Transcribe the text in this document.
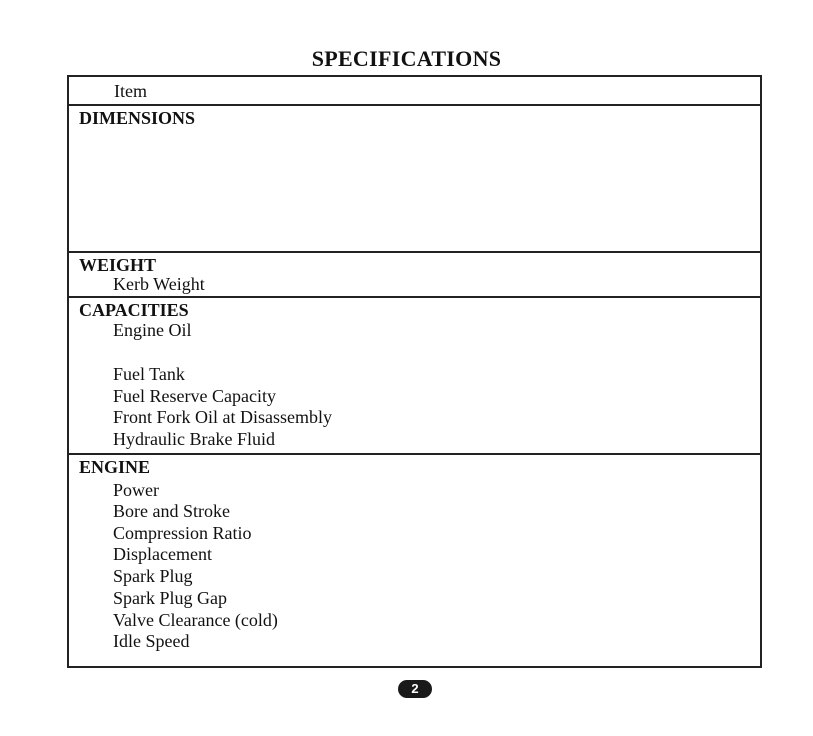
SPECIFICATIONS
Item
DIMENSIONS
WEIGHT
Kerb Weight
CAPACITIES
Engine Oil
Fuel Tank
Fuel Reserve Capacity
Front Fork Oil at Disassembly
Hydraulic Brake Fluid
ENGINE
Power
Bore and Stroke
Compression Ratio
Displacement
Spark Plug
Spark Plug Gap
Valve Clearance (cold)
Idle Speed
2
